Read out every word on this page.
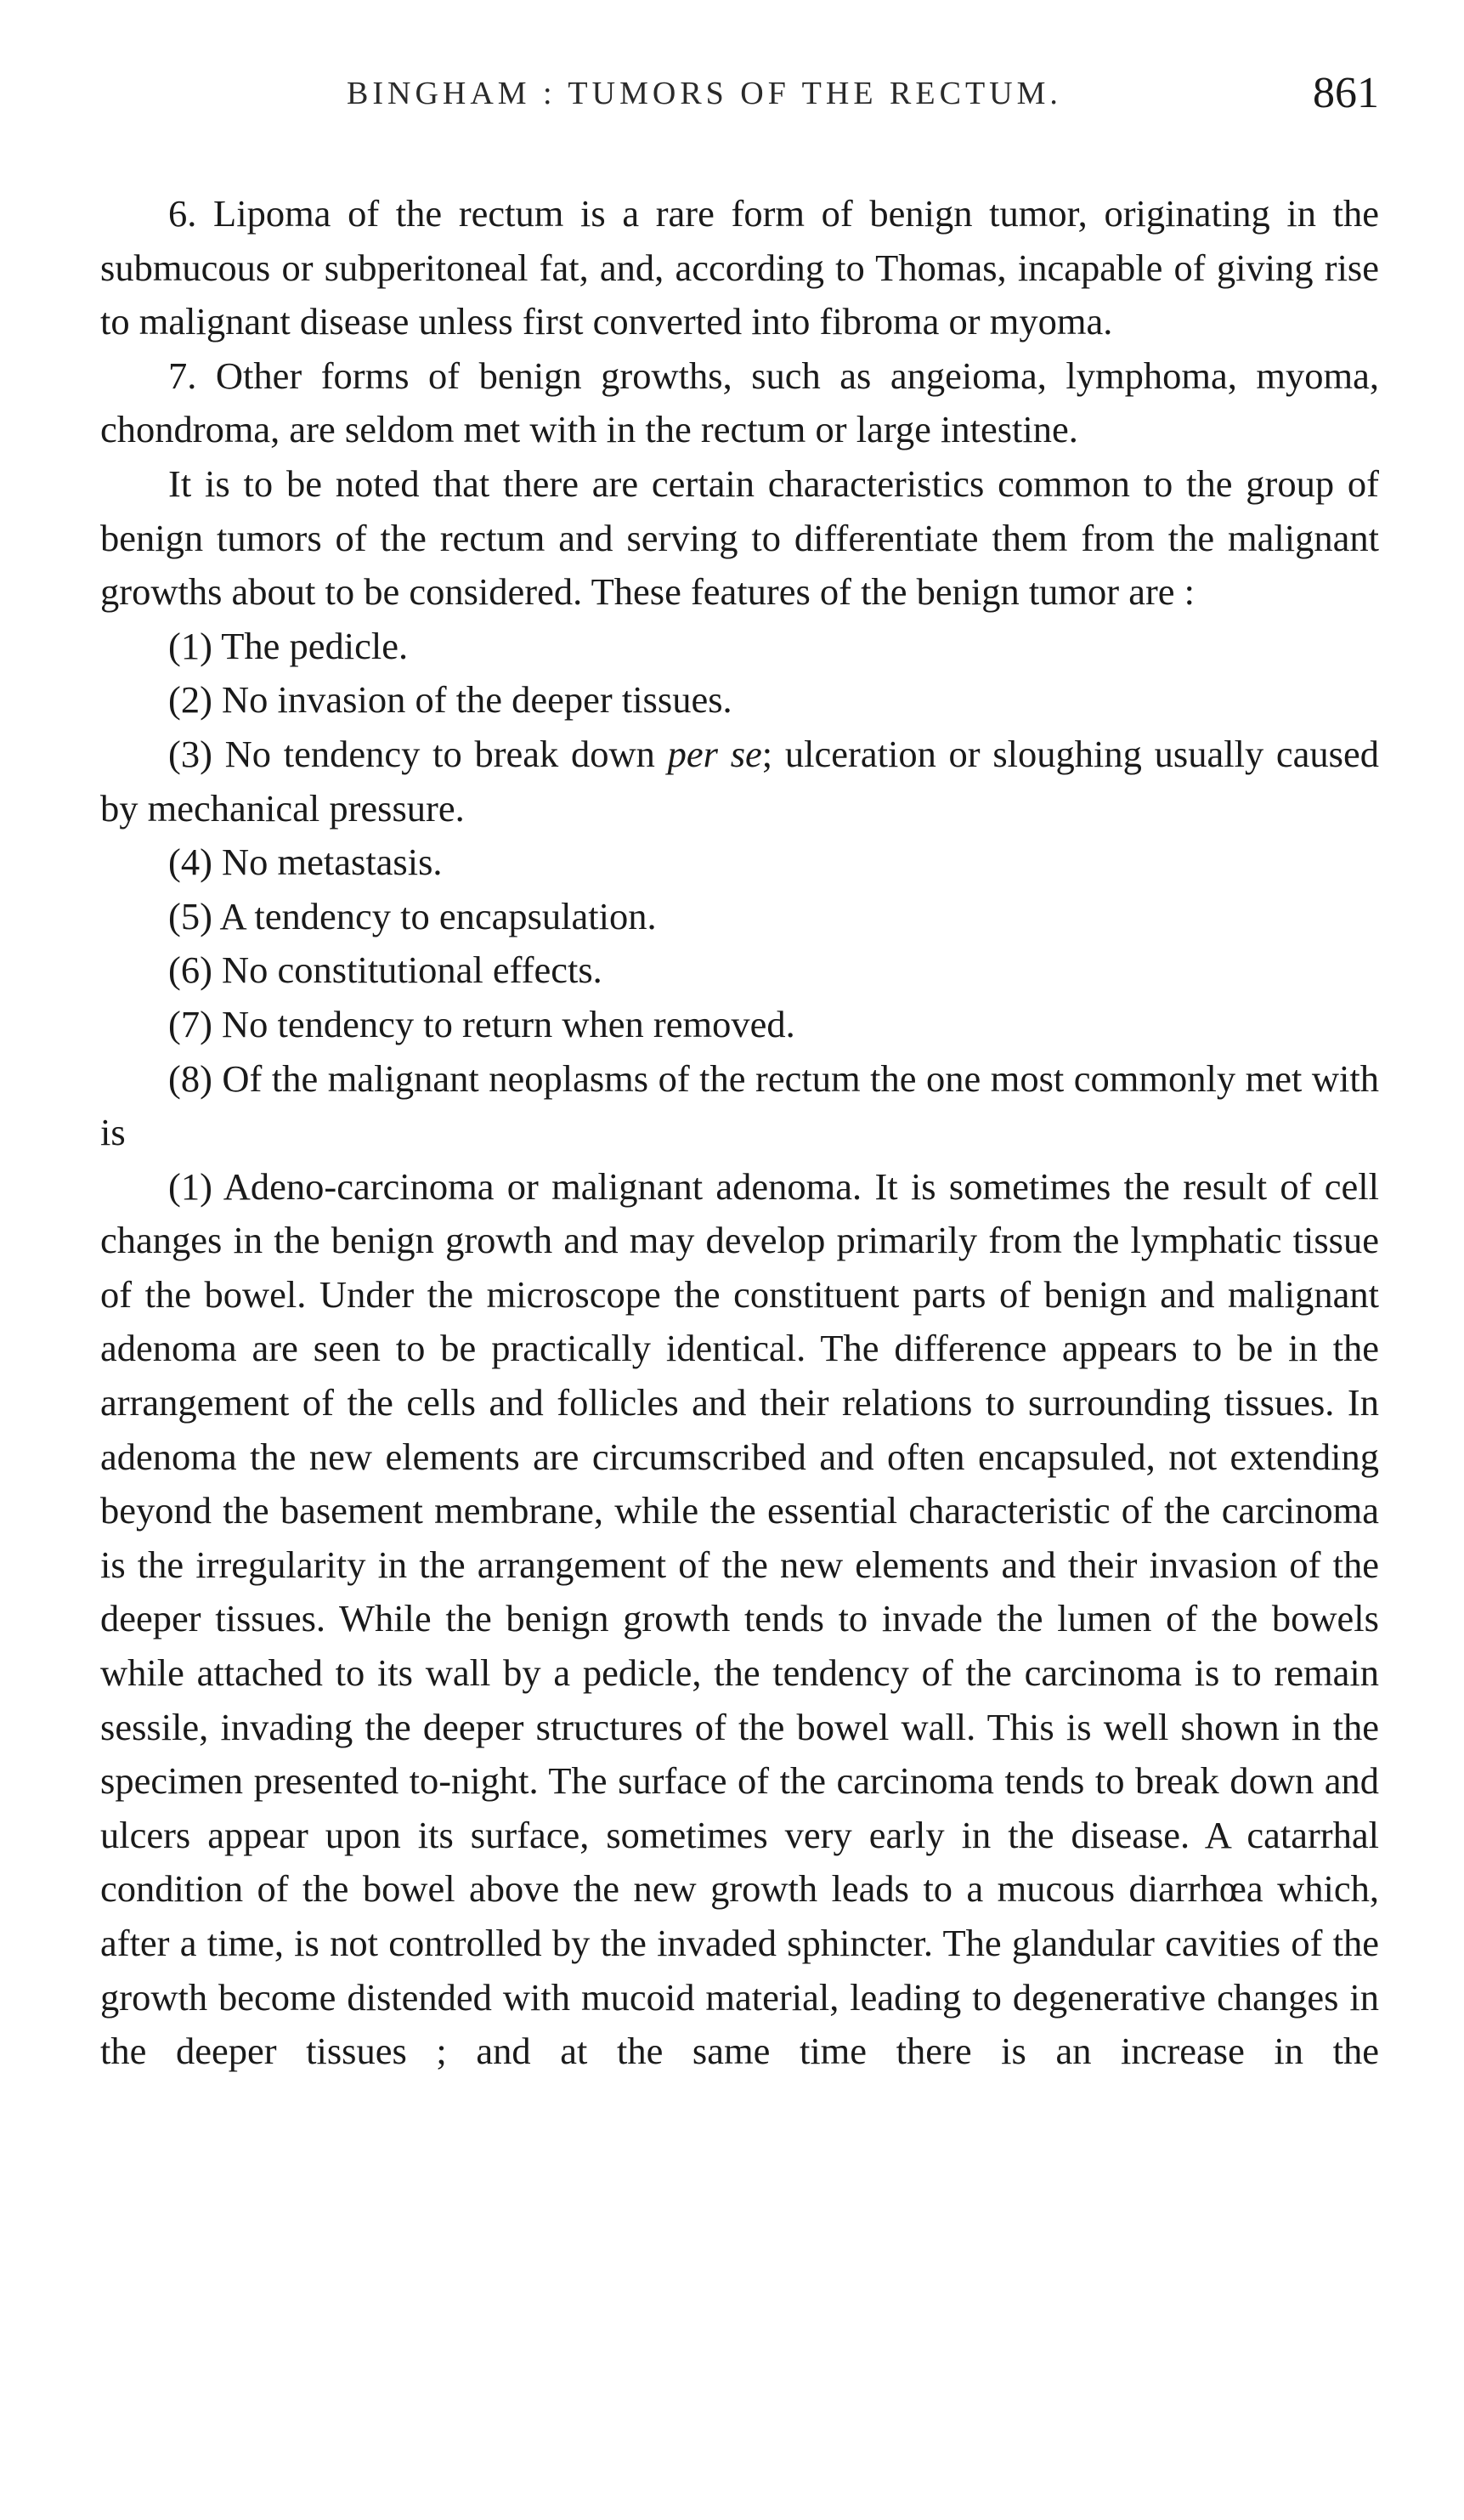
BINGHAM : TUMORS OF THE RECTUM.	861

6. Lipoma of the rectum is a rare form of benign tumor, originating in the submucous or subperitoneal fat, and, according to Thomas, incapable of giving rise to malignant disease unless first converted into fibroma or myoma.

7. Other forms of benign growths, such as angeioma, lymphoma, myoma, chondroma, are seldom met with in the rectum or large intestine.

It is to be noted that there are certain characteristics common to the group of benign tumors of the rectum and serving to differentiate them from the malignant growths about to be considered. These features of the benign tumor are :

(1) The pedicle.

(2) No invasion of the deeper tissues.

(3) No tendency to break down per se; ulceration or sloughing usually caused by mechanical pressure.

(4) No metastasis.

(5) A tendency to encapsulation.

(6) No constitutional effects.

(7) No tendency to return when removed.

(8) Of the malignant neoplasms of the rectum the one most commonly met with is

(1) Adeno-carcinoma or malignant adenoma. It is sometimes the result of cell changes in the benign growth and may develop primarily from the lymphatic tissue of the bowel. Under the microscope the constituent parts of benign and malignant adenoma are seen to be practically identical. The difference appears to be in the arrangement of the cells and follicles and their relations to surrounding tissues. In adenoma the new elements are circumscribed and often encapsuled, not extending beyond the basement membrane, while the essential characteristic of the carcinoma is the irregularity in the arrangement of the new elements and their invasion of the deeper tissues. While the benign growth tends to invade the lumen of the bowels while attached to its wall by a pedicle, the tendency of the carcinoma is to remain sessile, invading the deeper structures of the bowel wall. This is well shown in the specimen presented to-night. The surface of the carcinoma tends to break down and ulcers appear upon its surface, sometimes very early in the disease. A catarrhal condition of the bowel above the new growth leads to a mucous diarrhœa which, after a time, is not controlled by the invaded sphincter. The glandular cavities of the growth become distended with mucoid material, leading to degenerative changes in the deeper tissues ; and at the same time there is an increase in the
